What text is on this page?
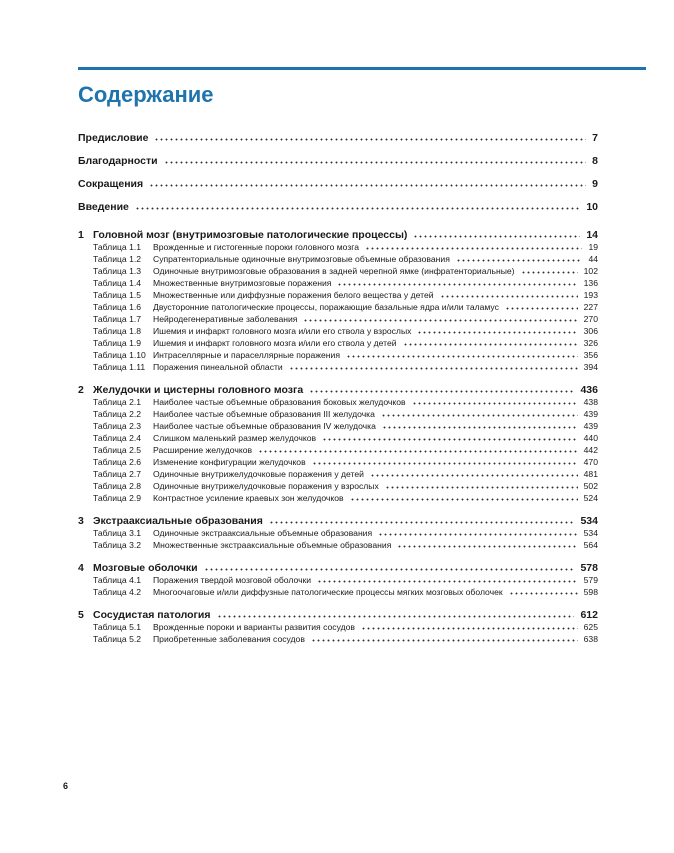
Содержание
Предисловие	7
Благодарности	8
Сокращения	9
Введение	10
1 Головной мозг (внутримозговые патологические процессы)	14
Таблица 1.1	Врожденные и гистогенные пороки головного мозга	19
Таблица 1.2	Супратенториальные одиночные внутримозговые объемные образования	44
Таблица 1.3	Одиночные внутримозговые образования в задней черепной ямке (инфратенториальные)	102
Таблица 1.4	Множественные внутримозговые поражения	136
Таблица 1.5	Множественные или диффузные поражения белого вещества у детей	193
Таблица 1.6	Двусторонние патологические процессы, поражающие базальные ядра и/или таламус	227
Таблица 1.7	Нейродегенеративные заболевания	270
Таблица 1.8	Ишемия и инфаркт головного мозга и/или его ствола у взрослых	306
Таблица 1.9	Ишемия и инфаркт головного мозга и/или его ствола у детей	326
Таблица 1.10 Интраселлярные и параселлярные поражения	356
Таблица 1.11 Поражения пинеальной области	394
2 Желудочки и цистерны головного мозга	436
Таблица 2.1	Наиболее частые объемные образования боковых желудочков	438
Таблица 2.2	Наиболее частые объемные образования III желудочка	439
Таблица 2.3	Наиболее частые объемные образования IV желудочка	439
Таблица 2.4	Слишком маленький размер желудочков	440
Таблица 2.5	Расширение желудочков	442
Таблица 2.6	Изменение конфигурации желудочков	470
Таблица 2.7	Одиночные внутрижелудочковые поражения у детей	481
Таблица 2.8	Одиночные внутрижелудочковые поражения у взрослых	502
Таблица 2.9	Контрастное усиление краевых зон желудочков	524
3 Экстрааксиальные образования	534
Таблица 3.1	Одиночные экстрааксиальные объемные образования	534
Таблица 3.2	Множественные экстрааксиальные объемные образования	564
4 Мозговые оболочки	578
Таблица 4.1	Поражения твердой мозговой оболочки	579
Таблица 4.2	Многоочаговые и/или диффузные патологические процессы мягких мозговых оболочек	598
5 Сосудистая патология	612
Таблица 5.1	Врожденные пороки и варианты развития сосудов	625
Таблица 5.2	Приобретенные заболевания сосудов	638
6
